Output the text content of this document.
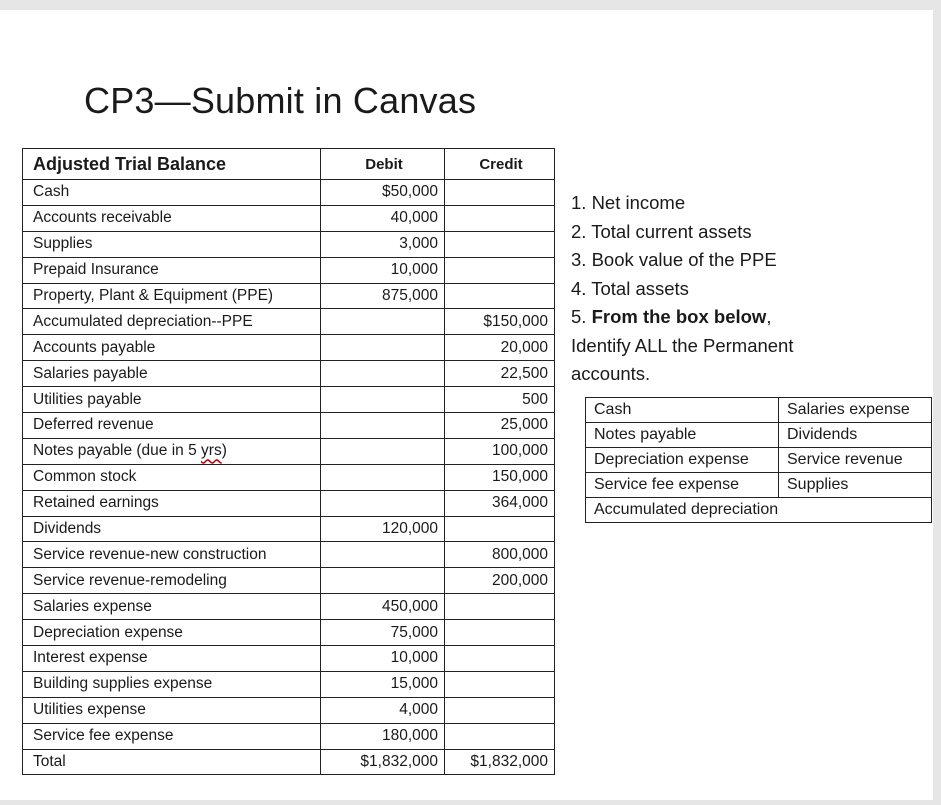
CP3—Submit in Canvas
Adjusted Trial Balance	Debit	Credit
Cash	$50,000	
Accounts receivable	40,000	
Supplies	3,000	
Prepaid Insurance	10,000	
Property, Plant & Equipment (PPE)	875,000	
Accumulated depreciation--PPE		$150,000
Accounts payable		20,000
Salaries payable		22,500
Utilities payable		500
Deferred revenue		25,000
Notes payable (due in 5 yrs)		100,000
Common stock		150,000
Retained earnings		364,000
Dividends	120,000	
Service revenue-new construction		800,000
Service revenue-remodeling		200,000
Salaries expense	450,000	
Depreciation expense	75,000	
Interest expense	10,000	
Building supplies expense	15,000	
Utilities expense	4,000	
Service fee expense	180,000	
Total	$1,832,000	$1,832,000
1. Net income
2. Total current assets
3. Book value of the PPE
4. Total assets
5. From the box below,
Identify ALL the Permanent
accounts.
Cash	Salaries expense
Notes payable	Dividends
Depreciation expense	Service revenue
Service fee expense	Supplies
Accumulated depreciation	
